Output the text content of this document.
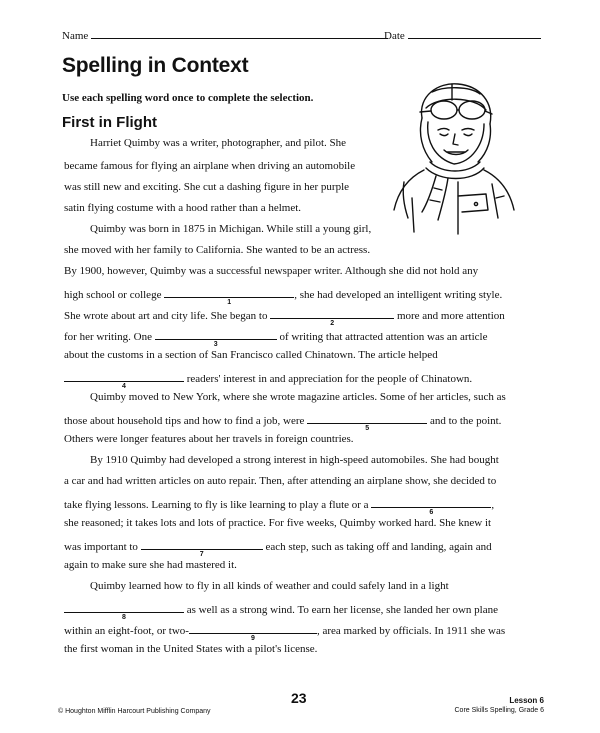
Name	Date
Spelling in Context

Use each spelling word once to complete the selection.

First in Flight
Harriet Quimby was a writer, photographer, and pilot. She
became famous for flying an airplane when driving an automobile
was still new and exciting. She cut a dashing figure in her purple
satin flying costume with a hood rather than a helmet.
Quimby was born in 1875 in Michigan. While still a young girl,
she moved with her family to California. She wanted to be an actress.
By 1900, however, Quimby was a successful newspaper writer. Although she did not hold any
high school or college
1
, she had developed an intelligent writing style.
She wrote about art and city life. She began to
2
more and more attention
for her writing. One
3
of writing that attracted attention was an article
about the customs in a section of San Francisco called Chinatown. The article helped
4
readers' interest in and appreciation for the people of Chinatown.
Quimby moved to New York, where she wrote magazine articles. Some of her articles, such as
those about household tips and how to find a job, were
5
and to the point.
Others were longer features about her travels in foreign countries.
By 1910 Quimby had developed a strong interest in high-speed automobiles. She had bought
a car and had written articles on auto repair. Then, after attending an airplane show, she decided to
take flying lessons. Learning to fly is like learning to play a flute or a
6
,
she reasoned; it takes lots and lots of practice. For five weeks, Quimby worked hard. She knew it
was important to
7
each step, such as taking off and landing, again and
again to make sure she had mastered it.
Quimby learned how to fly in all kinds of weather and could safely land in a light
8
as well as a strong wind. To earn her license, she landed her own plane
within an eight-foot, or two-
9
, area marked by officials. In 1911 she was
the first woman in the United States with a pilot's license.
23
© Houghton Mifflin Harcourt Publishing Company
Lesson 6
Core Skills Spelling, Grade 6
